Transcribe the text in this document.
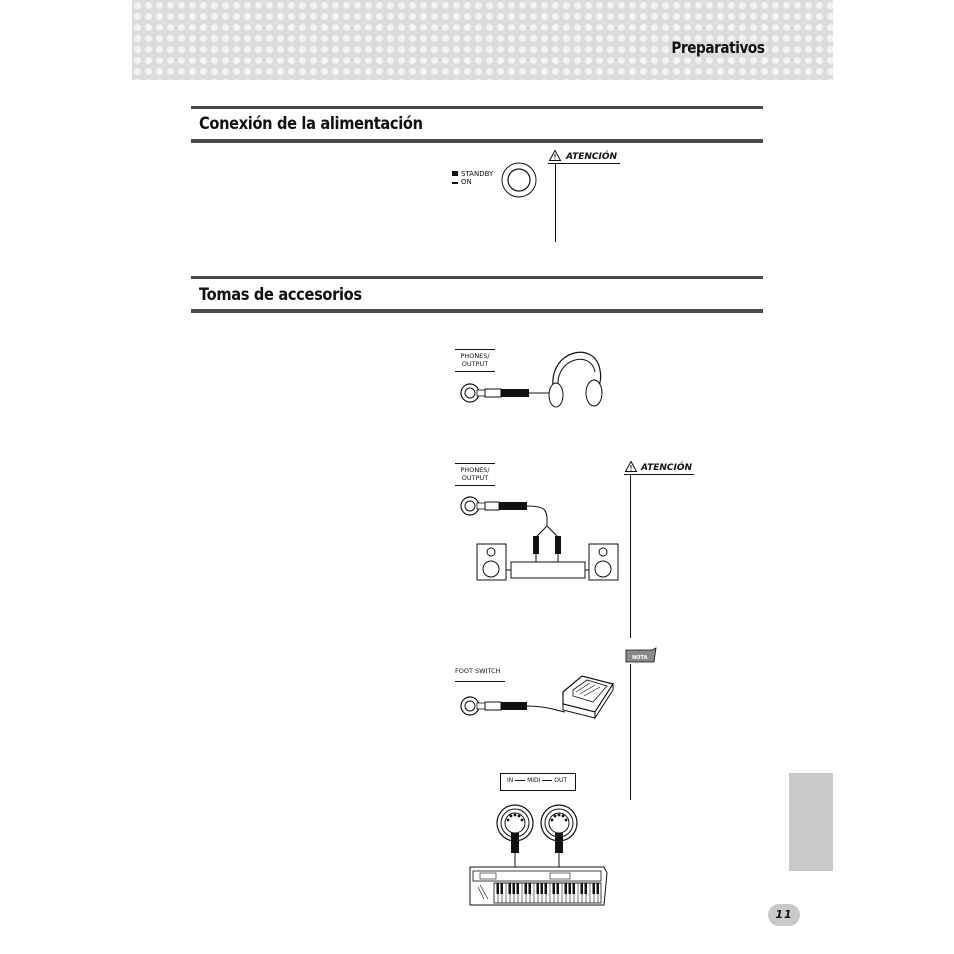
Preparativos
Conexión de la alimentación
STANDBY
ON
ATENCIÓN
Tomas de accesorios
PHONES/
OUTPUT
PHONES/
OUTPUT
ATENCIÓN
NOTA
FOOT SWITCH
IN MIDI OUT
11
